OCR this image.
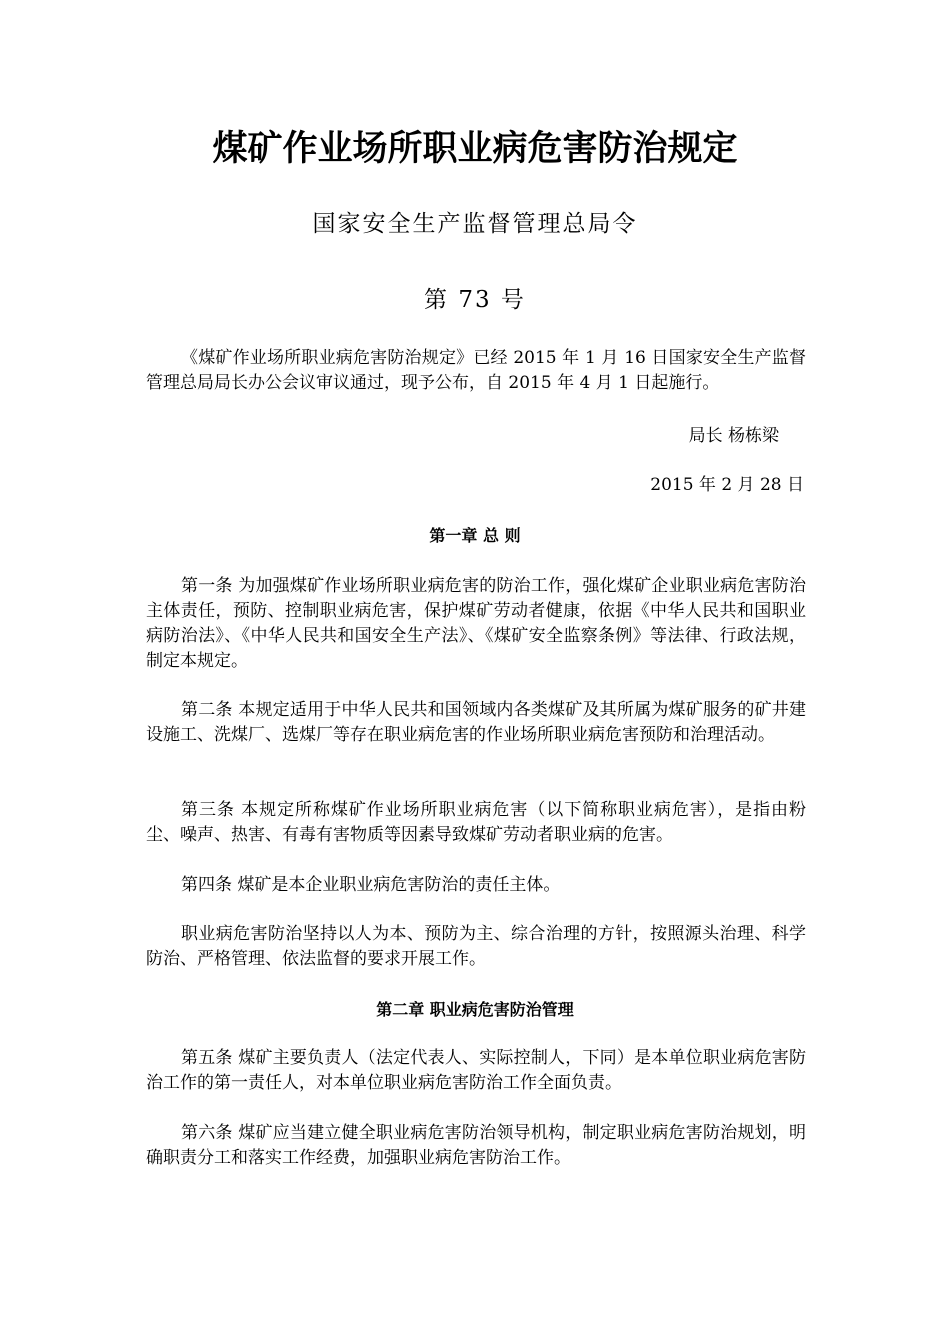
煤矿作业场所职业病危害防治规定
国家安全生产监督管理总局令
第 73 号

《煤矿作业场所职业病危害防治规定》已经 2015 年 1 月 16 日国家安全生产监督管理总局局长办公会议审议通过，现予公布，自 2015 年 4 月 1 日起施行。

局长 杨栋梁
2015 年 2 月 28 日
第一章 总 则

第一条 为加强煤矿作业场所职业病危害的防治工作，强化煤矿企业职业病危害防治主体责任，预防、控制职业病危害，保护煤矿劳动者健康，依据《中华人民共和国职业病防治法》、《中华人民共和国安全生产法》、《煤矿安全监察条例》等法律、行政法规，制定本规定。

第二条 本规定适用于中华人民共和国领域内各类煤矿及其所属为煤矿服务的矿井建设施工、洗煤厂、选煤厂等存在职业病危害的作业场所职业病危害预防和治理活动。

第三条 本规定所称煤矿作业场所职业病危害（以下简称职业病危害），是指由粉尘、噪声、热害、有毒有害物质等因素导致煤矿劳动者职业病的危害。

第四条 煤矿是本企业职业病危害防治的责任主体。

职业病危害防治坚持以人为本、预防为主、综合治理的方针，按照源头治理、科学防治、严格管理、依法监督的要求开展工作。

第二章 职业病危害防治管理

第五条 煤矿主要负责人（法定代表人、实际控制人，下同）是本单位职业病危害防治工作的第一责任人，对本单位职业病危害防治工作全面负责。

第六条 煤矿应当建立健全职业病危害防治领导机构，制定职业病危害防治规划，明确职责分工和落实工作经费，加强职业病危害防治工作。
